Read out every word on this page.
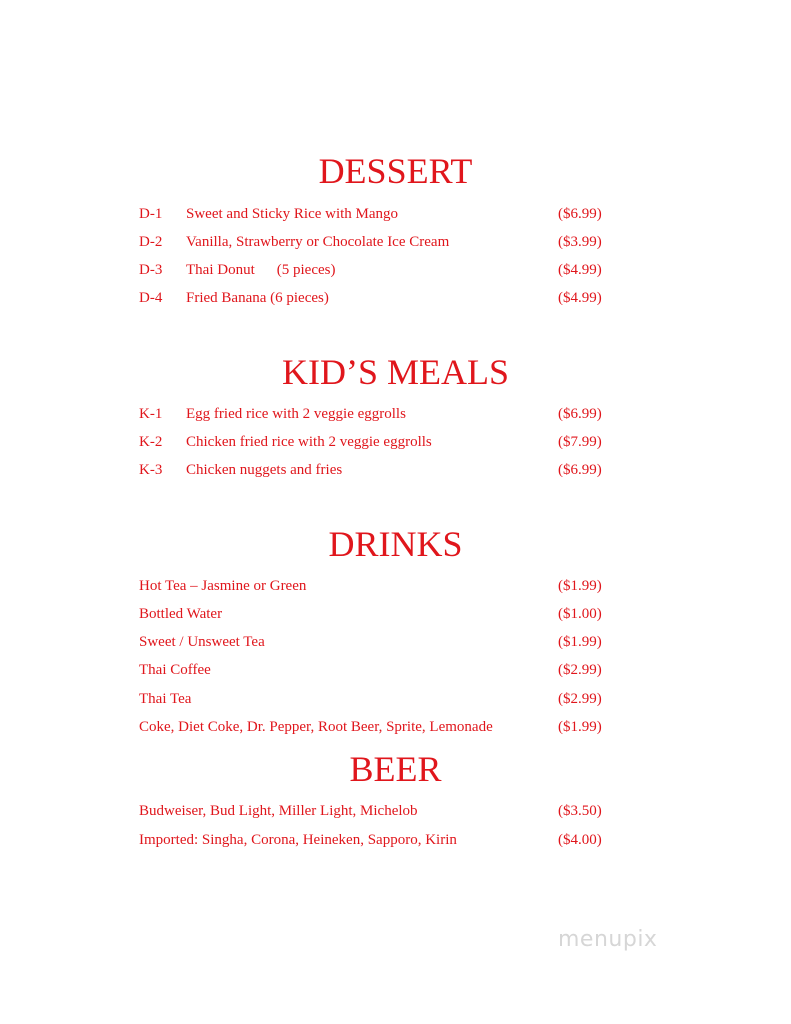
DESSERT
D-1 Sweet and Sticky Rice with Mango	($6.99)
D-2 Vanilla, Strawberry or Chocolate Ice Cream	($3.99)
D-3 Thai Donut (5 pieces)	($4.99)
D-4 Fried Banana (6 pieces)	($4.99)
KID’S MEALS
K-1 Egg fried rice with 2 veggie eggrolls	($6.99)
K-2 Chicken fried rice with 2 veggie eggrolls	($7.99)
K-3 Chicken nuggets and fries	($6.99)
DRINKS
Hot Tea – Jasmine or Green	($1.99)
Bottled Water	($1.00)
Sweet / Unsweet Tea	($1.99)
Thai Coffee	($2.99)
Thai Tea	($2.99)
Coke, Diet Coke, Dr. Pepper, Root Beer, Sprite, Lemonade	($1.99)
BEER
Budweiser, Bud Light, Miller Light, Michelob	($3.50)
Imported: Singha, Corona, Heineken, Sapporo, Kirin	($4.00)
menupix
